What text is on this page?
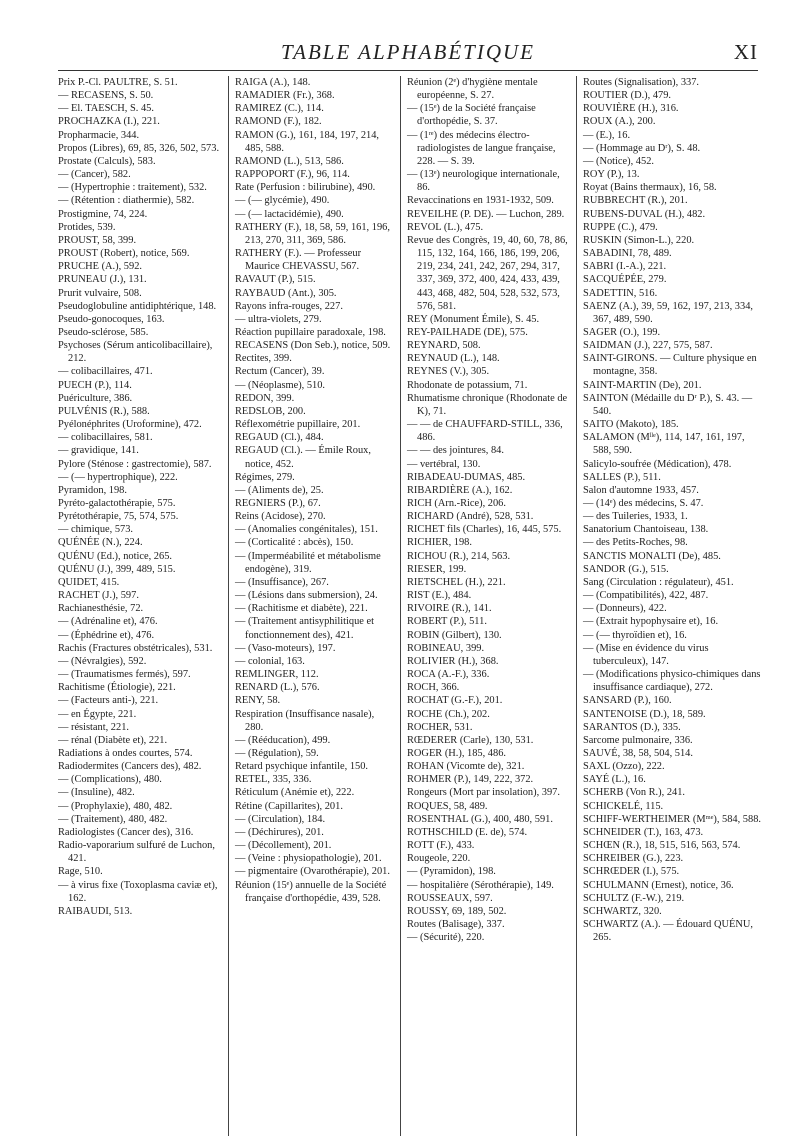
TABLE ALPHABÉTIQUE	XI

Prix P.-Cl. PAULTRE, S. 51.

— RECASENS, S. 50.

— El. TAESCH, S. 45.

PROCHAZKA (I.), 221.

Propharmacie, 344.

Propos (Libres), 69, 85, 326, 502, 573.

Prostate (Calculs), 583.

— (Cancer), 582.

— (Hypertrophie : traitement), 532.

— (Rétention : diathermie), 582.

Prostigmine, 74, 224.

Protides, 539.

PROUST, 58, 399.

PROUST (Robert), notice, 569.

PRUCHE (A.), 592.

PRUNEAU (J.), 131.

Prurit vulvaire, 508.

Pseudoglobuline antidiphtérique, 148.

Pseudo-gonocoques, 163.

Pseudo-sclérose, 585.

Psychoses (Sérum anticolibacillaire), 212.

— colibacillaires, 471.

PUECH (P.), 114.

Puériculture, 386.

PULVÉNIS (R.), 588.

Pyélonéphrites (Uroformine), 472.

— colibacillaires, 581.

— gravidique, 141.

Pylore (Sténose : gastrectomie), 587.

— (— hypertrophique), 222.

Pyramidon, 198.

Pyréto-galactothérapie, 575.

Pyrétothérapie, 75, 574, 575.

— chimique, 573.

QUÉNÉE (N.), 224.

QUÉNU (Ed.), notice, 265.

QUÉNU (J.), 399, 489, 515.

QUIDET, 415.

RACHET (J.), 597.

Rachianesthésie, 72.

— (Adrénaline et), 476.

— (Éphédrine et), 476.

Rachis (Fractures obstétricales), 531.

— (Névralgies), 592.

— (Traumatismes fermés), 597.

Rachitisme (Étiologie), 221.

— (Facteurs anti-), 221.

— en Égypte, 221.

— résistant, 221.

— rénal (Diabète et), 221.

Radiations à ondes courtes, 574.

Radiodermites (Cancers des), 482.

— (Complications), 480.

— (Insuline), 482.

— (Prophylaxie), 480, 482.

— (Traitement), 480, 482.

Radiologistes (Cancer des), 316.

Radio-vaporarium sulfuré de Luchon, 421.

Rage, 510.

— à virus fixe (Toxoplasma caviæ et), 162.

RAIBAUDI, 513.

RAIGA (A.), 148.

RAMADIER (Fr.), 368.

RAMIREZ (C.), 114.

RAMOND (F.), 182.

RAMON (G.), 161, 184, 197, 214, 485, 588.

RAMOND (L.), 513, 586.

RAPPOPORT (F.), 96, 114.

Rate (Perfusion : bilirubine), 490.

— (— glycémie), 490.

— (— lactacidémie), 490.

RATHERY (F.), 18, 58, 59, 161, 196, 213, 270, 311, 369, 586.

RATHERY (F.). — Professeur Maurice CHEVASSU, 567.

RAVAUT (P.), 515.

RAYBAUD (Ant.), 305.

Rayons infra-rouges, 227.

— ultra-violets, 279.

Réaction pupillaire paradoxale, 198.

RECASENS (Don Seb.), notice, 509.

Rectites, 399.

Rectum (Cancer), 39.

— (Néoplasme), 510.

REDON, 399.

REDSLOB, 200.

Réflexométrie pupillaire, 201.

REGAUD (Cl.), 484.

REGAUD (Cl.). — Émile Roux, notice, 452.

Régimes, 279.

— (Aliments de), 25.

REGNIERS (P.), 67.

Reins (Acidose), 270.

— (Anomalies congénitales), 151.

— (Corticalité : abcès), 150.

— (Imperméabilité et métabolisme endogène), 319.

— (Insuffisance), 267.

— (Lésions dans submersion), 24.

— (Rachitisme et diabète), 221.

— (Traitement antisyphilitique et fonctionnement des), 421.

— (Vaso-moteurs), 197.

— colonial, 163.

REMLINGER, 112.

RENARD (L.), 576.

RENY, 58.

Respiration (Insuffisance nasale), 280.

— (Rééducation), 499.

— (Régulation), 59.

Retard psychique infantile, 150.

RETEL, 335, 336.

Réticulum (Anémie et), 222.

Rétine (Capillarites), 201.

— (Circulation), 184.

— (Déchirures), 201.

— (Décollement), 201.

— (Veine : physiopathologie), 201.

— pigmentaire (Ovarothérapie), 201.

Réunion (15ᵉ) annuelle de la Société française d'orthopédie, 439, 528.

Réunion (2ᵉ) d'hygiène mentale européenne, S. 27.

— (15ᵉ) de la Société française d'orthopédie, S. 37.

— (1ʳᵉ) des médecins électro-radiologistes de langue française, 228. — S. 39.

— (13ᵉ) neurologique internationale, 86.

Revaccinations en 1931-1932, 509.

REVEILHE (P. DE). — Luchon, 289.

REVOL (L.), 475.

Revue des Congrès, 19, 40, 60, 78, 86, 115, 132, 164, 166, 186, 199, 206, 219, 234, 241, 242, 267, 294, 317, 337, 369, 372, 400, 424, 433, 439, 443, 468, 482, 504, 528, 532, 573, 576, 581.

REY (Monument Émile), S. 45.

REY-PAILHADE (DE), 575.

REYNARD, 508.

REYNAUD (L.), 148.

REYNES (V.), 305.

Rhodonate de potassium, 71.

Rhumatisme chronique (Rhodonate de K), 71.

— — de CHAUFFARD-STILL, 336, 486.

— — des jointures, 84.

— vertébral, 130.

RIBADEAU-DUMAS, 485.

RIBARDIÈRE (A.), 162.

RICH (Arn.-Rice), 206.

RICHARD (André), 528, 531.

RICHET fils (Charles), 16, 445, 575.

RICHIER, 198.

RICHOU (R.), 214, 563.

RIESER, 199.

RIETSCHEL (H.), 221.

RIST (E.), 484.

RIVOIRE (R.), 141.

ROBERT (P.), 511.

ROBIN (Gilbert), 130.

ROBINEAU, 399.

ROLIVIER (H.), 368.

ROCA (A.-F.), 336.

ROCH, 366.

ROCHAT (G.-F.), 201.

ROCHE (Ch.), 202.

ROCHER, 531.

RŒDERER (Carle), 130, 531.

ROGER (H.), 185, 486.

ROHAN (Vicomte de), 321.

ROHMER (P.), 149, 222, 372.

Rongeurs (Mort par insolation), 397.

ROQUES, 58, 489.

ROSENTHAL (G.), 400, 480, 591.

ROTHSCHILD (E. de), 574.

ROTT (F.), 433.

Rougeole, 220.

— (Pyramidon), 198.

— hospitalière (Sérothérapie), 149.

ROUSSEAUX, 597.

ROUSSY, 69, 189, 502.

Routes (Balisage), 337.

— (Sécurité), 220.

Routes (Signalisation), 337.

ROUTIER (D.), 479.

ROUVIÈRE (H.), 316.

ROUX (A.), 200.

— (E.), 16.

— (Hommage au Dʳ), S. 48.

— (Notice), 452.

ROY (P.), 13.

Royat (Bains thermaux), 16, 58.

RUBBRECHT (R.), 201.

RUBENS-DUVAL (H.), 482.

RUPPE (C.), 479.

RUSKIN (Simon-L.), 220.

SABADINI, 78, 489.

SABRI (I.-A.), 221.

SACQUÉPÉE, 279.

SADETTIN, 516.

SAENZ (A.), 39, 59, 162, 197, 213, 334, 367, 489, 590.

SAGER (O.), 199.

SAIDMAN (J.), 227, 575, 587.

SAINT-GIRONS. — Culture physique en montagne, 358.

SAINT-MARTIN (De), 201.

SAINTON (Médaille du Dʳ P.), S. 43. — 540.

SAITO (Makoto), 185.

SALAMON (Mˡˡᵉ), 114, 147, 161, 197, 588, 590.

Salicylo-soufrée (Médication), 478.

SALLES (P.), 511.

Salon d'automne 1933, 457.

— (14ᵉ) des médecins, S. 47.

— des Tuileries, 1933, 1.

Sanatorium Chantoiseau, 138.

— des Petits-Roches, 98.

SANCTIS MONALTI (De), 485.

SANDOR (G.), 515.

Sang (Circulation : régulateur), 451.

— (Compatibilités), 422, 487.

— (Donneurs), 422.

— (Extrait hypophysaire et), 16.

— (— thyroïdien et), 16.

— (Mise en évidence du virus tuberculeux), 147.

— (Modifications physico-chimiques dans insuffisance cardiaque), 272.

SANSARD (P.), 160.

SANTENOISE (D.), 18, 589.

SARANTOS (D.), 335.

Sarcome pulmonaire, 336.

SAUVÉ, 38, 58, 504, 514.

SAXL (Ozzo), 222.

SAYÉ (L.), 16.

SCHERB (Von R.), 241.

SCHICKELÉ, 115.

SCHIFF-WERTHEIMER (Mᵐᵉ), 584, 588.

SCHNEIDER (T.), 163, 473.

SCHŒN (R.), 18, 515, 516, 563, 574.

SCHREIBER (G.), 223.

SCHRŒDER (I.), 575.

SCHULMANN (Ernest), notice, 36.

SCHULTZ (F.-W.), 219.

SCHWARTZ, 320.

SCHWARTZ (A.). — Édouard QUÉNU, 265.
